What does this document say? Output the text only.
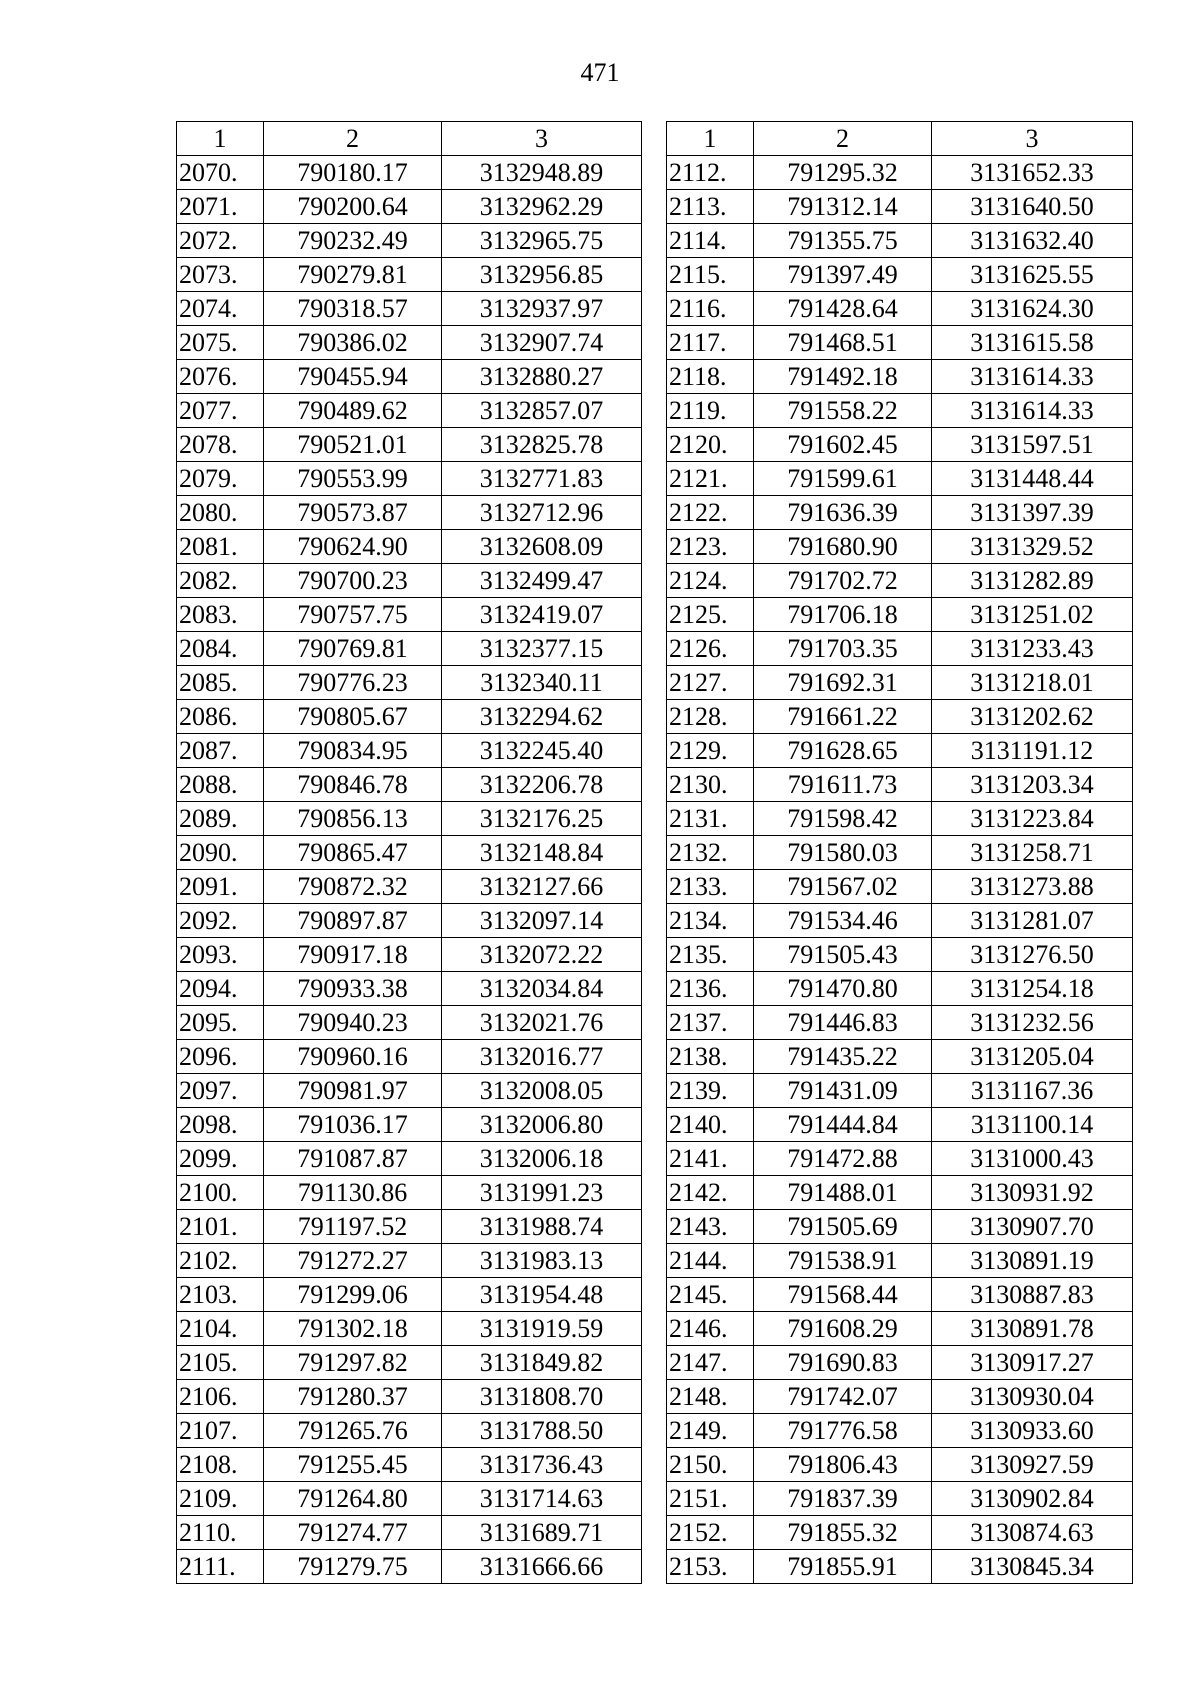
471
1	2	3
2070.	790180.17	3132948.89
2071.	790200.64	3132962.29
2072.	790232.49	3132965.75
2073.	790279.81	3132956.85
2074.	790318.57	3132937.97
2075.	790386.02	3132907.74
2076.	790455.94	3132880.27
2077.	790489.62	3132857.07
2078.	790521.01	3132825.78
2079.	790553.99	3132771.83
2080.	790573.87	3132712.96
2081.	790624.90	3132608.09
2082.	790700.23	3132499.47
2083.	790757.75	3132419.07
2084.	790769.81	3132377.15
2085.	790776.23	3132340.11
2086.	790805.67	3132294.62
2087.	790834.95	3132245.40
2088.	790846.78	3132206.78
2089.	790856.13	3132176.25
2090.	790865.47	3132148.84
2091.	790872.32	3132127.66
2092.	790897.87	3132097.14
2093.	790917.18	3132072.22
2094.	790933.38	3132034.84
2095.	790940.23	3132021.76
2096.	790960.16	3132016.77
2097.	790981.97	3132008.05
2098.	791036.17	3132006.80
2099.	791087.87	3132006.18
2100.	791130.86	3131991.23
2101.	791197.52	3131988.74
2102.	791272.27	3131983.13
2103.	791299.06	3131954.48
2104.	791302.18	3131919.59
2105.	791297.82	3131849.82
2106.	791280.37	3131808.70
2107.	791265.76	3131788.50
2108.	791255.45	3131736.43
2109.	791264.80	3131714.63
2110.	791274.77	3131689.71
2111.	791279.75	3131666.66
1	2	3
2112.	791295.32	3131652.33
2113.	791312.14	3131640.50
2114.	791355.75	3131632.40
2115.	791397.49	3131625.55
2116.	791428.64	3131624.30
2117.	791468.51	3131615.58
2118.	791492.18	3131614.33
2119.	791558.22	3131614.33
2120.	791602.45	3131597.51
2121.	791599.61	3131448.44
2122.	791636.39	3131397.39
2123.	791680.90	3131329.52
2124.	791702.72	3131282.89
2125.	791706.18	3131251.02
2126.	791703.35	3131233.43
2127.	791692.31	3131218.01
2128.	791661.22	3131202.62
2129.	791628.65	3131191.12
2130.	791611.73	3131203.34
2131.	791598.42	3131223.84
2132.	791580.03	3131258.71
2133.	791567.02	3131273.88
2134.	791534.46	3131281.07
2135.	791505.43	3131276.50
2136.	791470.80	3131254.18
2137.	791446.83	3131232.56
2138.	791435.22	3131205.04
2139.	791431.09	3131167.36
2140.	791444.84	3131100.14
2141.	791472.88	3131000.43
2142.	791488.01	3130931.92
2143.	791505.69	3130907.70
2144.	791538.91	3130891.19
2145.	791568.44	3130887.83
2146.	791608.29	3130891.78
2147.	791690.83	3130917.27
2148.	791742.07	3130930.04
2149.	791776.58	3130933.60
2150.	791806.43	3130927.59
2151.	791837.39	3130902.84
2152.	791855.32	3130874.63
2153.	791855.91	3130845.34
